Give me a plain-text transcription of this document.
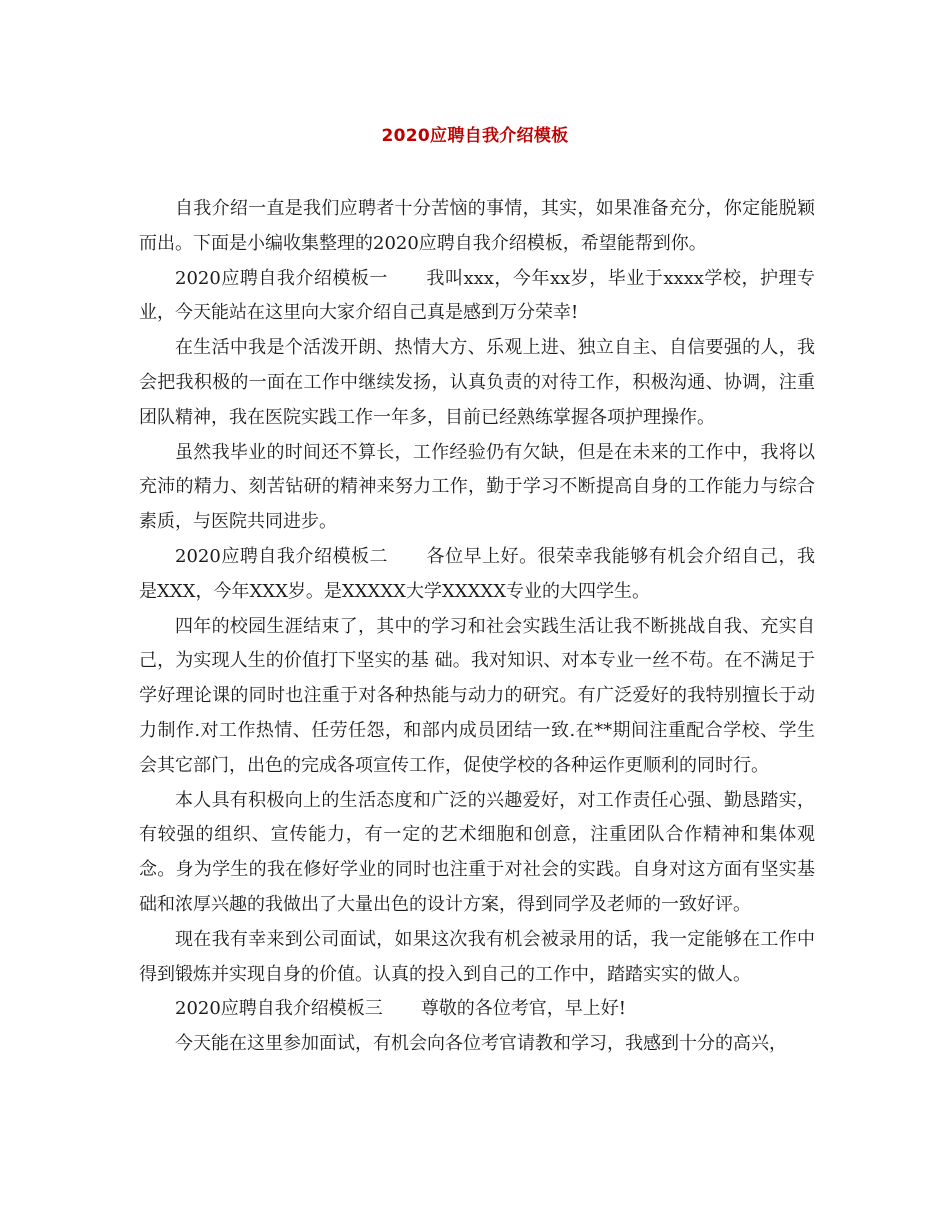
2020应聘自我介绍模板

自我介绍一直是我们应聘者十分苦恼的事情，其实，如果准备充分，你定能脱颖而出。下面是小编收集整理的2020应聘自我介绍模板，希望能帮到你。

2020应聘自我介绍模板一 我叫xxx，今年xx岁，毕业于xxxx学校，护理专业，今天能站在这里向大家介绍自己真是感到万分荣幸!

在生活中我是个活泼开朗、热情大方、乐观上进、独立自主、自信要强的人，我会把我积极的一面在工作中继续发扬，认真负责的对待工作，积极沟通、协调，注重团队精神，我在医院实践工作一年多，目前已经熟练掌握各项护理操作。

虽然我毕业的时间还不算长，工作经验仍有欠缺，但是在未来的工作中，我将以充沛的精力、刻苦钻研的精神来努力工作，勤于学习不断提高自身的工作能力与综合素质，与医院共同进步。

2020应聘自我介绍模板二 各位早上好。很荣幸我能够有机会介绍自己，我是XXX，今年XXX岁。是XXXXX大学XXXXX专业的大四学生。

四年的校园生涯结束了，其中的学习和社会实践生活让我不断挑战自我、充实自己，为实现人生的价值打下坚实的基 础。我对知识、对本专业一丝不苟。在不满足于学好理论课的同时也注重于对各种热能与动力的研究。有广泛爱好的我特别擅长于动力制作.对工作热情、任劳任怨，和部内成员团结一致.在**期间注重配合学校、学生会其它部门，出色的完成各项宣传工作，促使学校的各种运作更顺利的同时行。

本人具有积极向上的生活态度和广泛的兴趣爱好，对工作责任心强、勤恳踏实，有较强的组织、宣传能力，有一定的艺术细胞和创意，注重团队合作精神和集体观念。身为学生的我在修好学业的同时也注重于对社会的实践。自身对这方面有坚实基础和浓厚兴趣的我做出了大量出色的设计方案，得到同学及老师的一致好评。

现在我有幸来到公司面试，如果这次我有机会被录用的话，我一定能够在工作中得到锻炼并实现自身的价值。认真的投入到自己的工作中，踏踏实实的做人。

2020应聘自我介绍模板三 尊敬的各位考官，早上好!

今天能在这里参加面试，有机会向各位考官请教和学习，我感到十分的高兴，
